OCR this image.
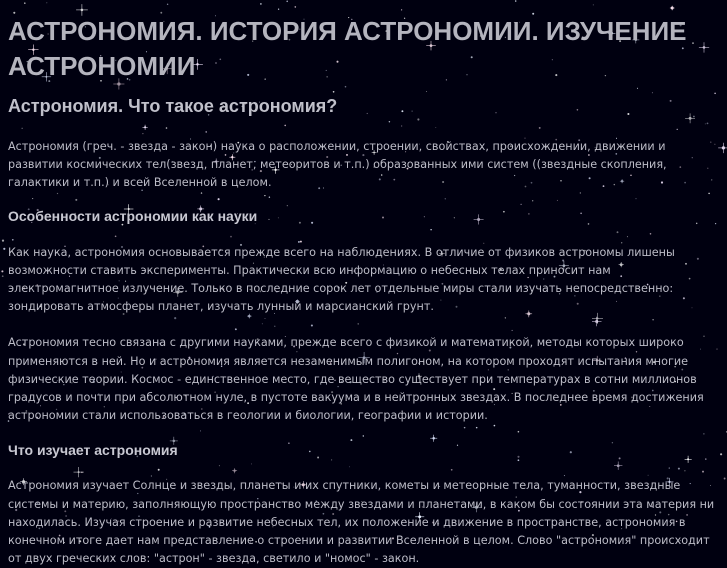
АСТРОНОМИЯ. ИСТОРИЯ АСТРОНОМИИ. ИЗУЧЕНИЕ АСТРОНОМИИ
Астрономия. Что такое астрономия?

Астрономия (греч. - звезда - закон) наука о расположении, строении, свойствах, происхождении, движении и развитии космических тел(звезд, планет, метеоритов и т.п.) образованных ими систем ((звездные скопления, галактики и т.п.) и всей Вселенной в целом.

Особенности астрономии как науки

Как наука, астрономия основывается прежде всего на наблюдениях. В отличие от физиков астрономы лишены возможности ставить эксперименты. Практически всю информацию о небесных телах приносит нам электромагнитное излучение. Только в последние сорок лет отдельные миры стали изучать непосредственно: зондировать атмосферы планет, изучать лунный и марсианский грунт.

Астрономия тесно связана с другими науками, прежде всего с физикой и математикой, методы которых широко применяются в ней. Но и астрономия является незаменимым полигоном, на котором проходят испытания многие физические теории. Космос - единственное место, где вещество существует при температурах в сотни миллионов градусов и почти при абсолютном нуле, в пустоте вакуума и в нейтронных звездах. В последнее время достижения астрономии стали использоваться в геологии и биологии, географии и истории.

Что изучает астрономия

Астрономия изучает Солнце и звезды, планеты и их спутники, кометы и метеорные тела, туманности, звездные системы и материю, заполняющую пространство между звездами и планетами, в каком бы состоянии эта материя ни находилась. Изучая строение и развитие небесных тел, их положение и движение в пространстве, астрономия в конечном итоге дает нам представление о строении и развитии Вселенной в целом. Слово "астрономия" происходит от двух греческих слов: "астрон" - звезда, светило и "номос" - закон.
